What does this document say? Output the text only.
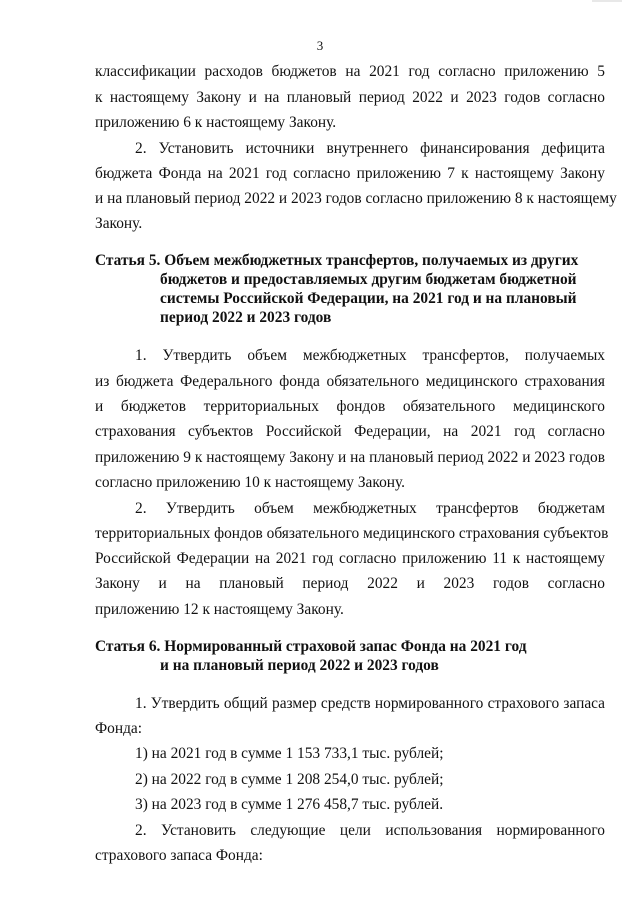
3
классификации расходов бюджетов на 2021 год согласно приложению 5
к настоящему Закону и на плановый период 2022 и 2023 годов согласно
приложению 6 к настоящему Закону.
2. Установить источники внутреннего финансирования дефицита
бюджета Фонда на 2021 год согласно приложению 7 к настоящему Закону
и на плановый период 2022 и 2023 годов согласно приложению 8 к настоящему
Закону.
Статья 5. Объем межбюджетных трансфертов, получаемых из других
бюджетов и предоставляемых другим бюджетам бюджетной
системы Российской Федерации, на 2021 год и на плановый
период 2022 и 2023 годов
1. Утвердить объем межбюджетных трансфертов, получаемых
из бюджета Федерального фонда обязательного медицинского страхования
и бюджетов территориальных фондов обязательного медицинского
страхования субъектов Российской Федерации, на 2021 год согласно
приложению 9 к настоящему Закону и на плановый период 2022 и 2023 годов
согласно приложению 10 к настоящему Закону.
2. Утвердить объем межбюджетных трансфертов бюджетам
территориальных фондов обязательного медицинского страхования субъектов
Российской Федерации на 2021 год согласно приложению 11 к настоящему
Закону и на плановый период 2022 и 2023 годов согласно
приложению 12 к настоящему Закону.
Статья 6. Нормированный страховой запас Фонда на 2021 год
и на плановый период 2022 и 2023 годов
1. Утвердить общий размер средств нормированного страхового запаса
Фонда:
1) на 2021 год в сумме 1 153 733,1 тыс. рублей;
2) на 2022 год в сумме 1 208 254,0 тыс. рублей;
3) на 2023 год в сумме 1 276 458,7 тыс. рублей.
2. Установить следующие цели использования нормированного
страхового запаса Фонда:
